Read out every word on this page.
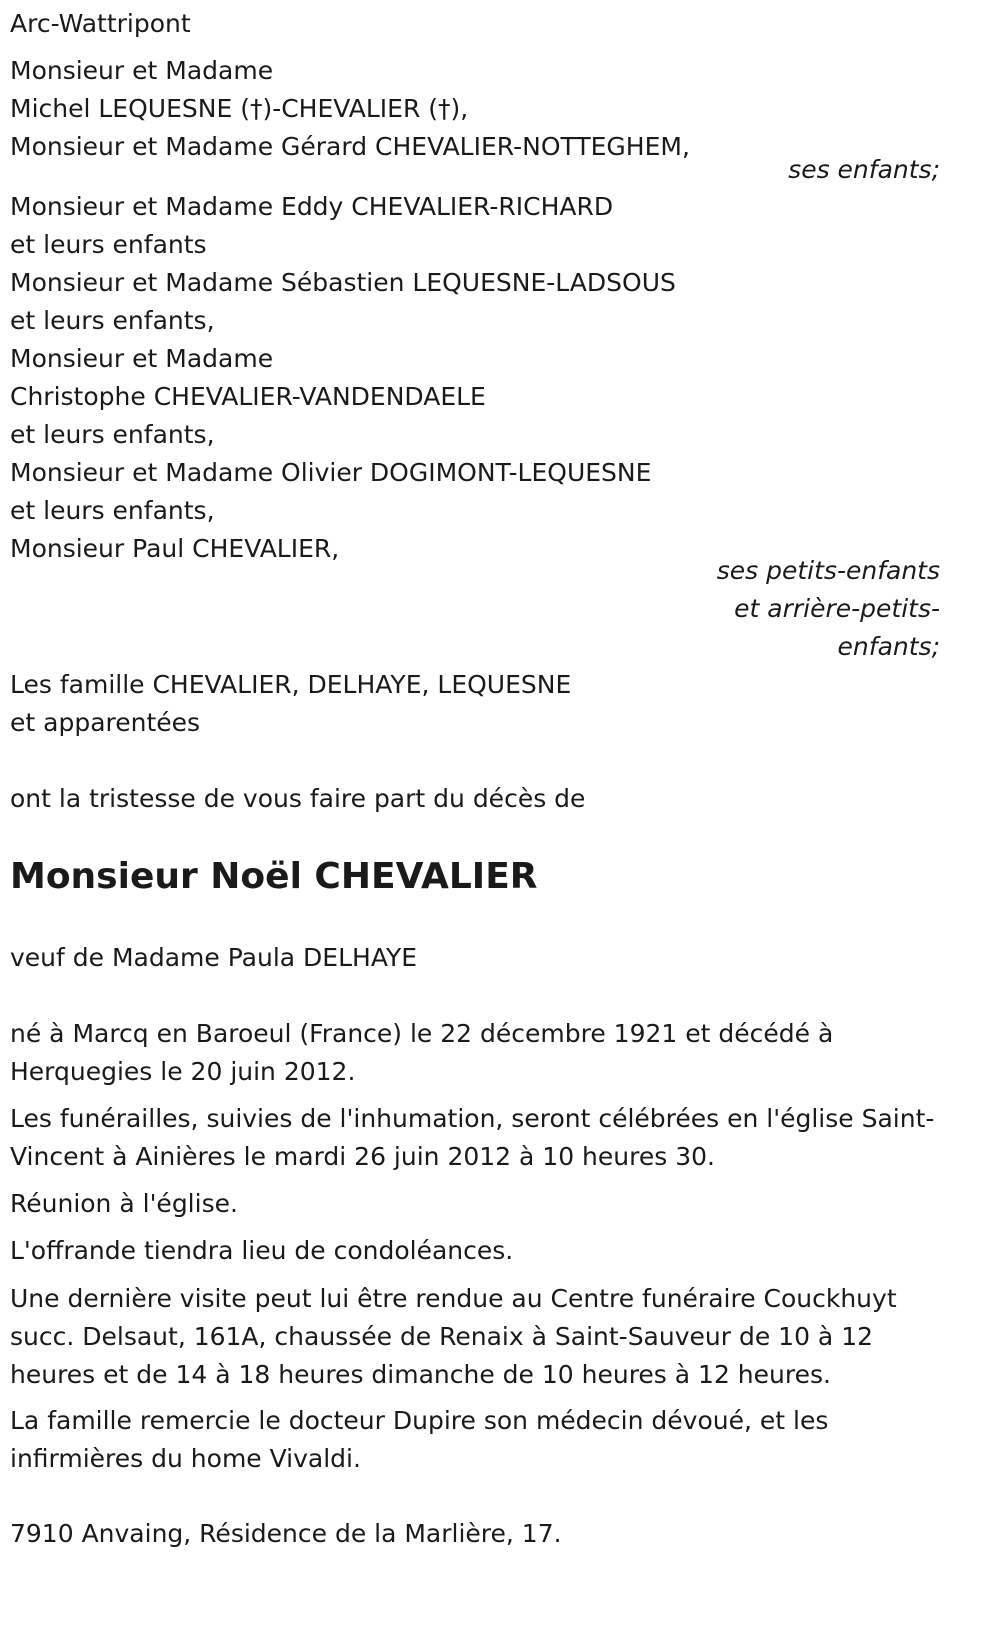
Arc-Wattripont
Monsieur et Madame
Michel LEQUESNE (†)-CHEVALIER (†),
Monsieur et Madame Gérard CHEVALIER-NOTTEGHEM,
ses enfants;
Monsieur et Madame Eddy CHEVALIER-RICHARD
et leurs enfants
Monsieur et Madame Sébastien LEQUESNE-LADSOUS
et leurs enfants,
Monsieur et Madame
Christophe CHEVALIER-VANDENDAELE
et leurs enfants,
Monsieur et Madame Olivier DOGIMONT-LEQUESNE
et leurs enfants,
Monsieur Paul CHEVALIER,
ses petits-enfants
et arrière-petits-
enfants;
Les famille CHEVALIER, DELHAYE, LEQUESNE
et apparentées
ont la tristesse de vous faire part du décès de
Monsieur Noël CHEVALIER
veuf de Madame Paula DELHAYE
né à Marcq en Baroeul (France) le 22 décembre 1921 et décédé à Herquegies le 20 juin 2012.
Les funérailles, suivies de l'inhumation, seront célébrées en l'église Saint-Vincent à Ainières le mardi 26 juin 2012 à 10 heures 30.
Réunion à l'église.
L'offrande tiendra lieu de condoléances.
Une dernière visite peut lui être rendue au Centre funéraire Couckhuyt succ. Delsaut, 161A, chaussée de Renaix à Saint-Sauveur de 10 à 12 heures et de 14 à 18 heures dimanche de 10 heures à 12 heures.
La famille remercie le docteur Dupire son médecin dévoué, et les infirmières du home Vivaldi.
7910 Anvaing, Résidence de la Marlière, 17.
